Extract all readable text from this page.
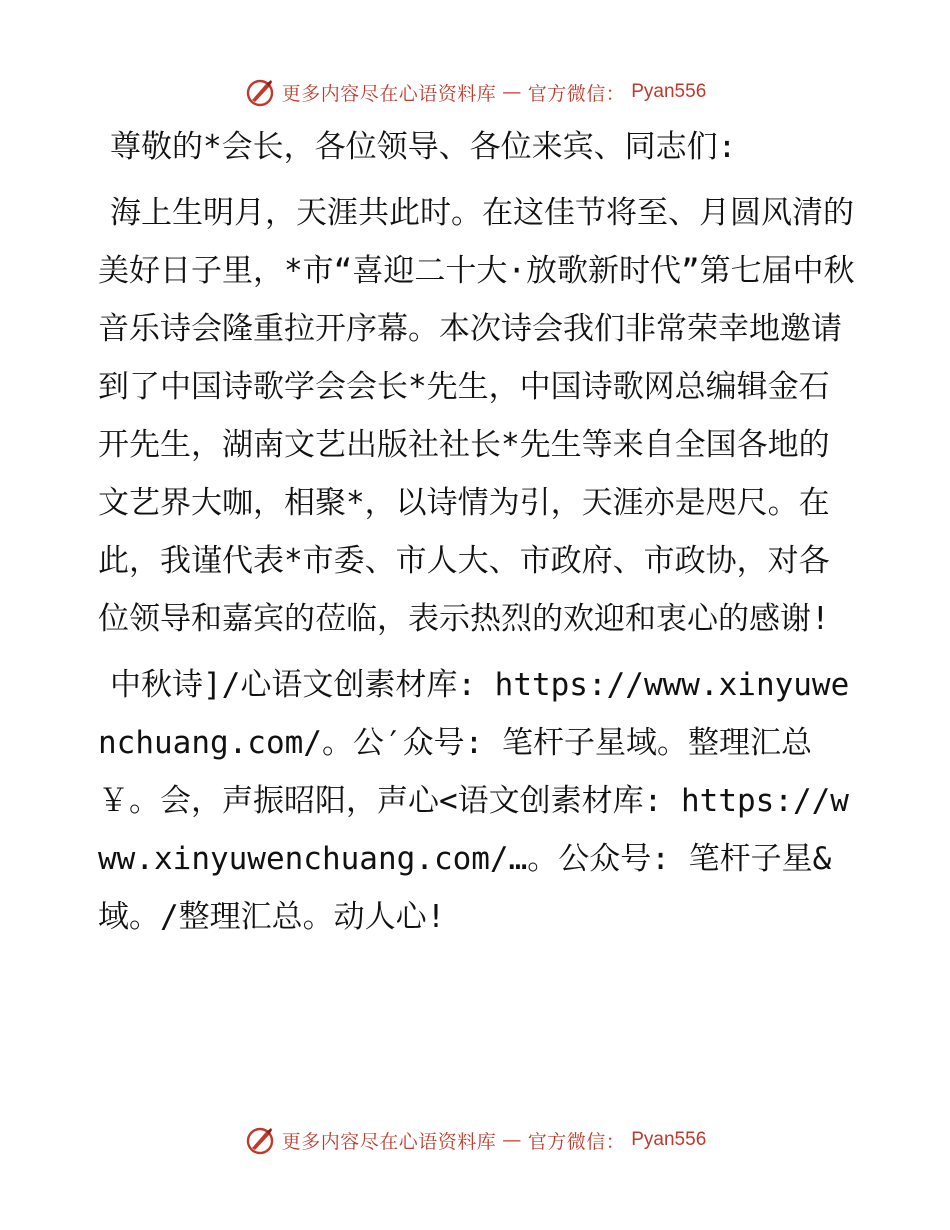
更多内容尽在心语资料库 — 官方微信： Pyan556

尊敬的*会长，各位领导、各位来宾、同志们:

海上生明月，天涯共此时。在这佳节将至、月圆风清的美好日子里，*市“喜迎二十大·放歌新时代”第七届中秋音乐诗会隆重拉开序幕。本次诗会我们非常荣幸地邀请到了中国诗歌学会会长*先生，中国诗歌网总编辑金石开先生，湖南文艺出版社社长*先生等来自全国各地的文艺界大咖，相聚*，以诗情为引，天涯亦是咫尺。在此，我谨代表*市委、市人大、市政府、市政协，对各位领导和嘉宾的莅临，表示热烈的欢迎和衷心的感谢!

中秋诗]/心语文创素材库: https://www.xinyuwenchuang.com/。公′众号: 笔杆子星域。整理汇总￥。会，声振昭阳，声心<语文创素材库: https://www.xinyuwenchuang.com/…。公众号: 笔杆子星&域。/整理汇总。动人心!

更多内容尽在心语资料库 — 官方微信： Pyan556
